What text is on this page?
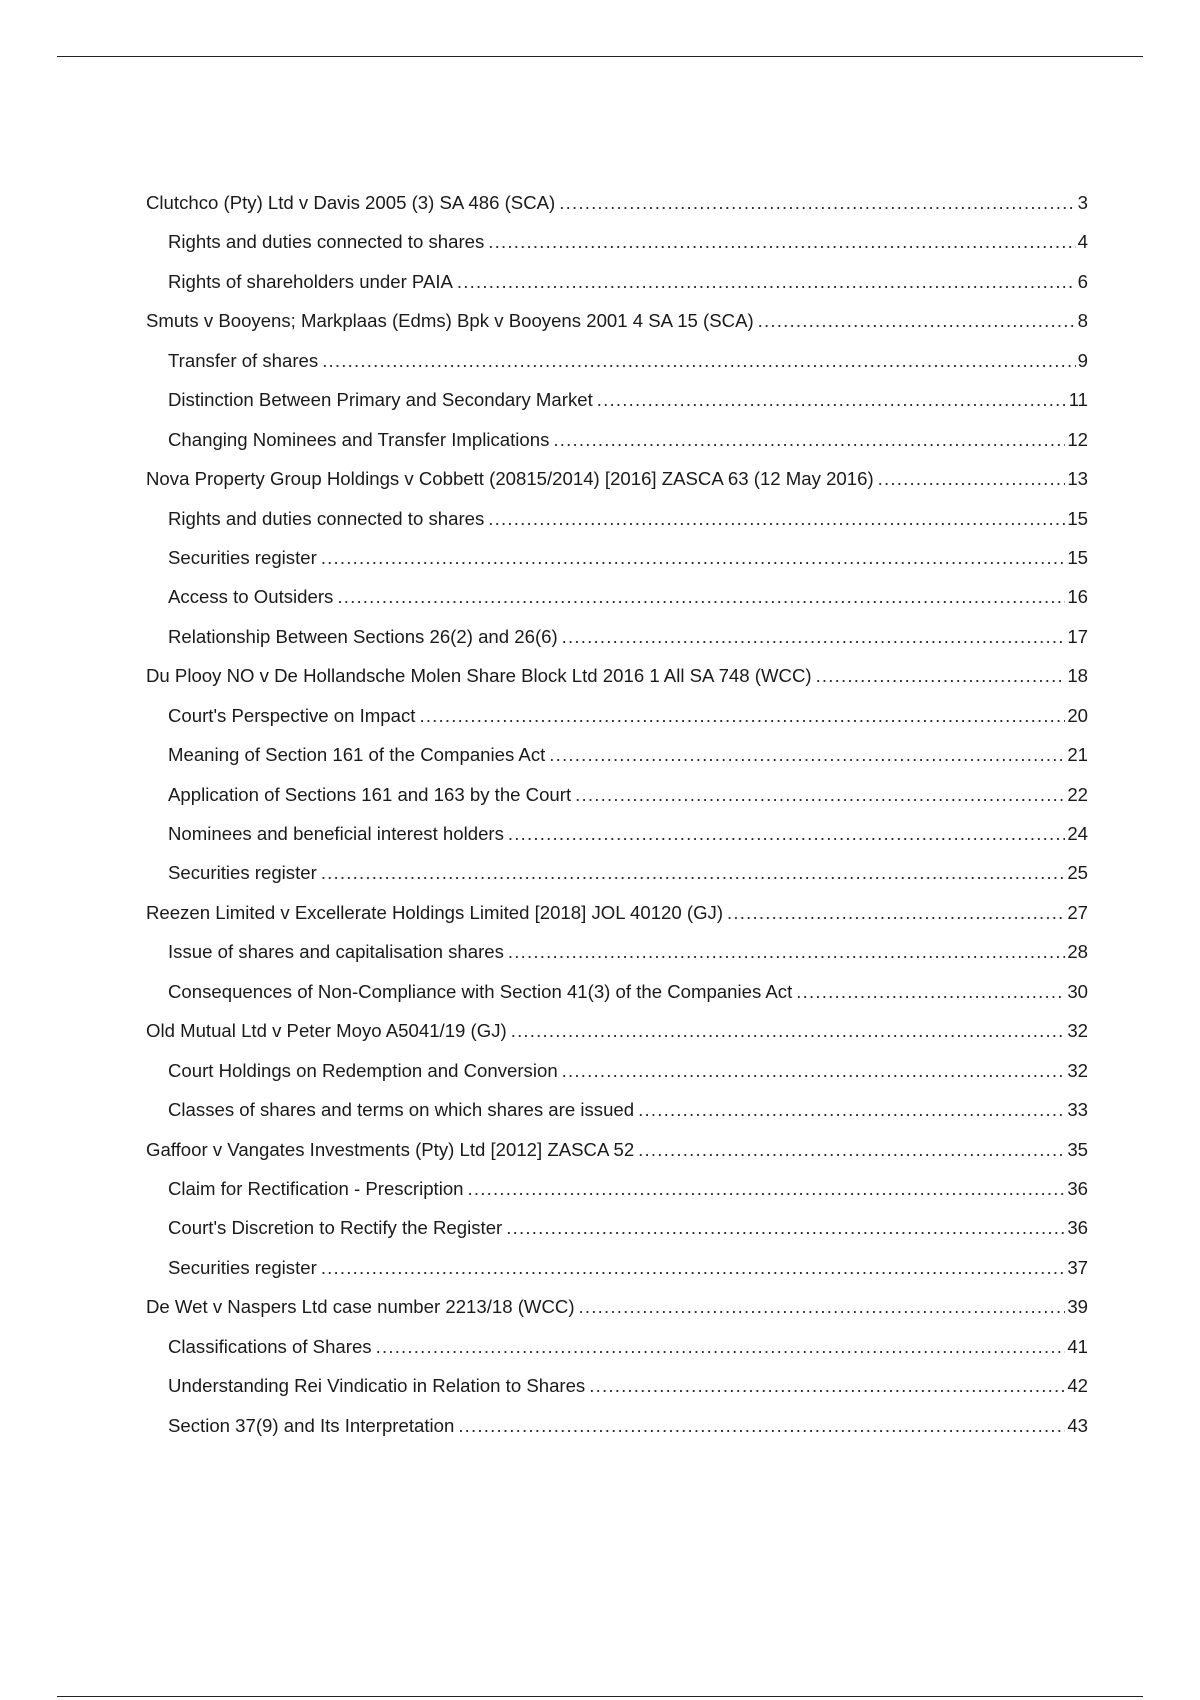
Clutchco (Pty) Ltd v Davis 2005 (3) SA 486 (SCA) .....	3
Rights and duties connected to shares .....	4
Rights of shareholders under PAIA .....	6
Smuts v Booyens; Markplaas (Edms) Bpk v Booyens 2001 4 SA 15 (SCA) .....	8
Transfer of shares .....	9
Distinction Between Primary and Secondary Market .....	11
Changing Nominees and Transfer Implications .....	12
Nova Property Group Holdings v Cobbett (20815/2014) [2016] ZASCA 63 (12 May 2016) .....	13
Rights and duties connected to shares .....	15
Securities register .....	15
Access to Outsiders .....	16
Relationship Between Sections 26(2) and 26(6) .....	17
Du Plooy NO v De Hollandsche Molen Share Block Ltd 2016 1 All SA 748 (WCC) .....	18
Court's Perspective on Impact .....	20
Meaning of Section 161 of the Companies Act .....	21
Application of Sections 161 and 163 by the Court .....	22
Nominees and beneficial interest holders .....	24
Securities register .....	25
Reezen Limited v Excellerate Holdings Limited [2018] JOL 40120 (GJ) .....	27
Issue of shares and capitalisation shares .....	28
Consequences of Non-Compliance with Section 41(3) of the Companies Act .....	30
Old Mutual Ltd v Peter Moyo A5041/19 (GJ) .....	32
Court Holdings on Redemption and Conversion .....	32
Classes of shares and terms on which shares are issued .....	33
Gaffoor v Vangates Investments (Pty) Ltd [2012] ZASCA 52 .....	35
Claim for Rectification - Prescription .....	36
Court's Discretion to Rectify the Register .....	36
Securities register .....	37
De Wet v Naspers Ltd case number 2213/18 (WCC) .....	39
Classifications of Shares .....	41
Understanding Rei Vindicatio in Relation to Shares .....	42
Section 37(9) and Its Interpretation .....	43
